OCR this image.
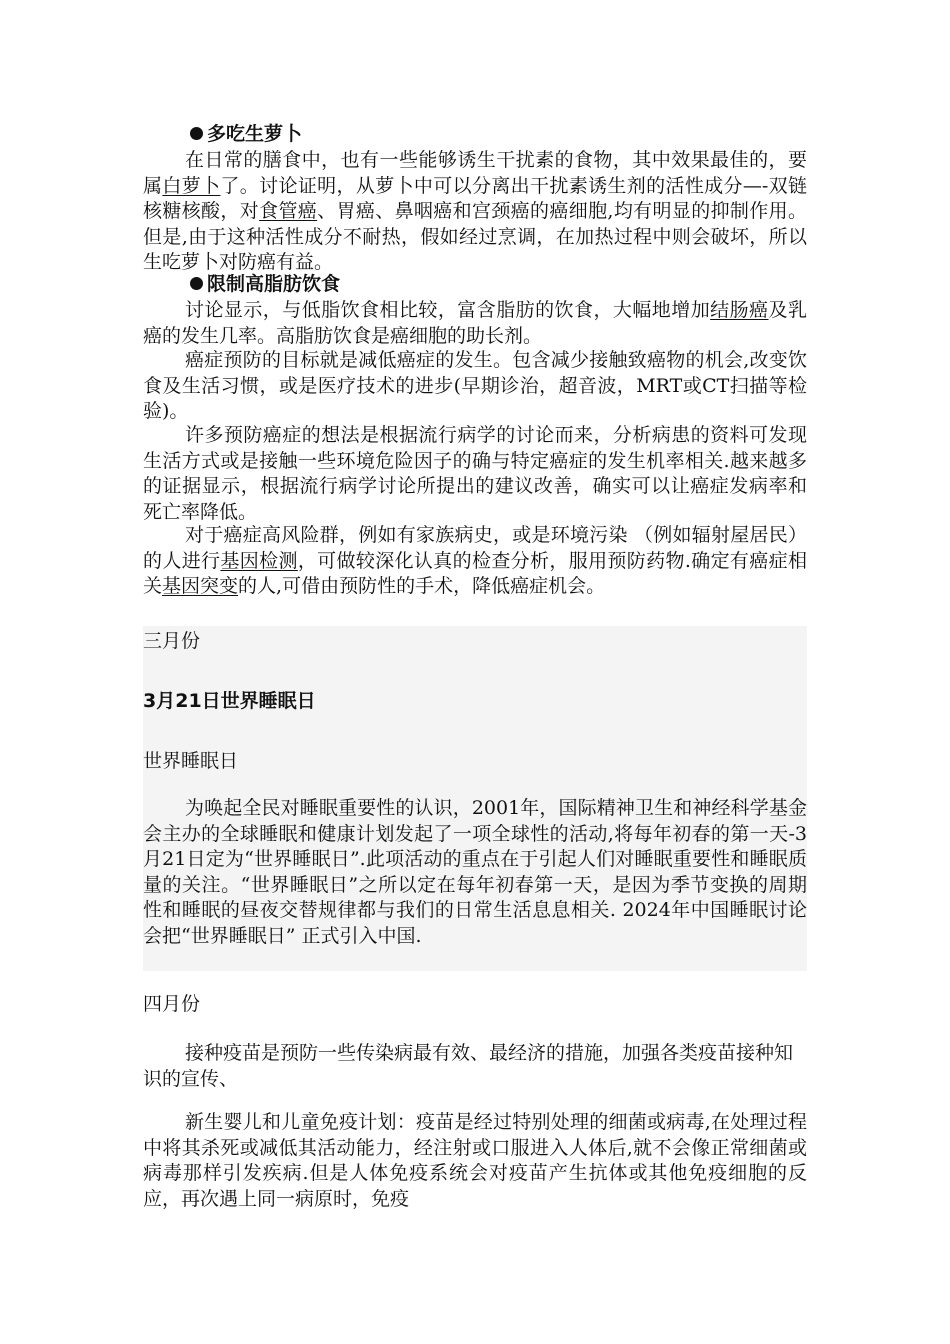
多吃生萝卜

在日常的膳食中，也有一些能够诱生干扰素的食物，其中效果最佳的，要属白萝卜了。讨论证明，从萝卜中可以分离出干扰素诱生剂的活性成分—-双链核糖核酸，对食管癌、胃癌、鼻咽癌和宫颈癌的癌细胞,均有明显的抑制作用。但是,由于这种活性成分不耐热，假如经过烹调，在加热过程中则会破坏，所以生吃萝卜对防癌有益。

限制高脂肪饮食

讨论显示，与低脂饮食相比较，富含脂肪的饮食，大幅地增加结肠癌及乳癌的发生几率。高脂肪饮食是癌细胞的助长剂。

癌症预防的目标就是减低癌症的发生。包含减少接触致癌物的机会,改变饮食及生活习惯，或是医疗技术的进步(早期诊治，超音波，MRT或CT扫描等检验)。

许多预防癌症的想法是根据流行病学的讨论而来，分析病患的资料可发现生活方式或是接触一些环境危险因子的确与特定癌症的发生机率相关.越来越多的证据显示，根据流行病学讨论所提出的建议改善，确实可以让癌症发病率和死亡率降低。

对于癌症高风险群，例如有家族病史，或是环境污染 （例如辐射屋居民）的人进行基因检测，可做较深化认真的检查分析，服用预防药物.确定有癌症相关基因突变的人,可借由预防性的手术，降低癌症机会。

三月份

3月21日世界睡眠日

世界睡眠日

为唤起全民对睡眠重要性的认识，2001年，国际精神卫生和神经科学基金会主办的全球睡眠和健康计划发起了一项全球性的活动,将每年初春的第一天-3月21日定为“世界睡眠日”.此项活动的重点在于引起人们对睡眠重要性和睡眠质量的关注。“世界睡眠日”之所以定在每年初春第一天，是因为季节变换的周期性和睡眠的昼夜交替规律都与我们的日常生活息息相关. 2024年中国睡眠讨论会把“世界睡眠日” 正式引入中国.

四月份

接种疫苗是预防一些传染病最有效、最经济的措施，加强各类疫苗接种知识的宣传、

新生婴儿和儿童免疫计划：疫苗是经过特别处理的细菌或病毒,在处理过程中将其杀死或减低其活动能力，经注射或口服进入人体后,就不会像正常细菌或病毒那样引发疾病.但是人体免疫系统会对疫苗产生抗体或其他免疫细胞的反应，再次遇上同一病原时，免疫
